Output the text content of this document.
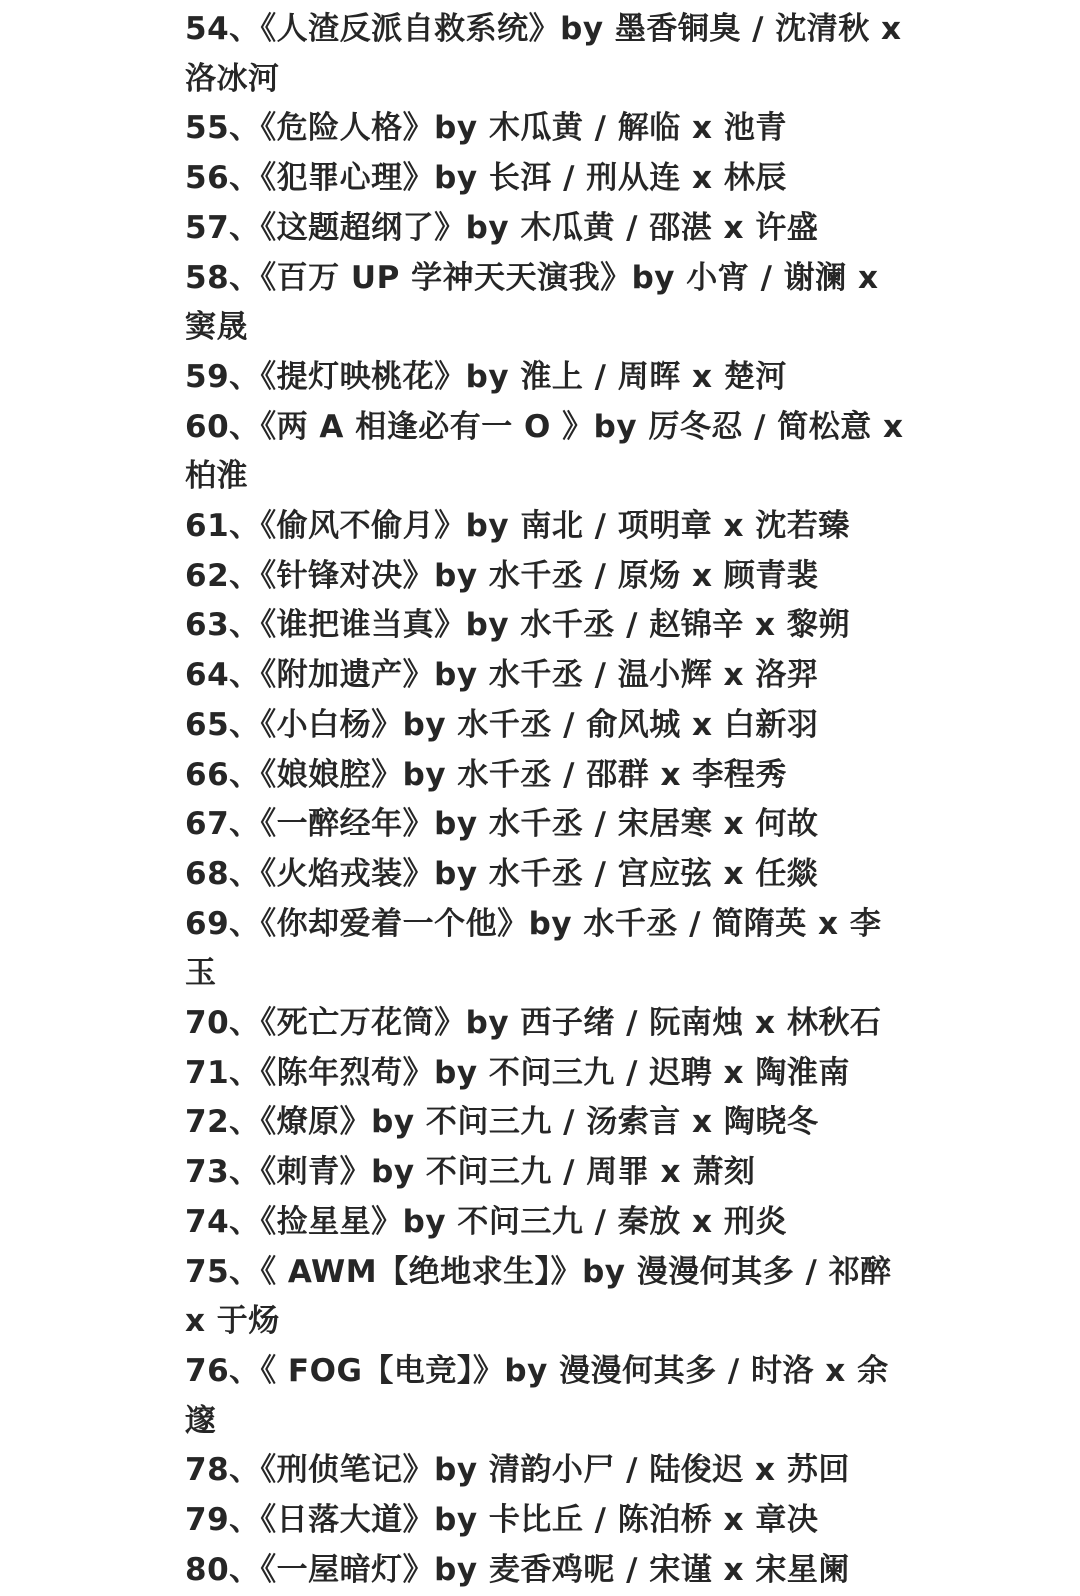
54、《人渣反派自救系统》by 墨香铜臭 / 沈清秋 x 洛冰河
55、《危险人格》by 木瓜黄 / 解临 x 池青
56、《犯罪心理》by 长洱 / 刑从连 x 林辰
57、《这题超纲了》by 木瓜黄 / 邵湛 x 许盛
58、《百万 UP 学神天天演我》by 小宵 / 谢澜 x 窦晟
59、《提灯映桃花》by 淮上 / 周晖 x 楚河
60、《两 A 相逢必有一 O 》by 厉冬忍 / 简松意 x 柏淮
61、《偷风不偷月》by 南北 / 项明章 x 沈若臻
62、《针锋对决》by 水千丞 / 原炀 x 顾青裴
63、《谁把谁当真》by 水千丞 / 赵锦辛 x 黎朔
64、《附加遗产》by 水千丞 / 温小辉 x 洛羿
65、《小白杨》by 水千丞 / 俞风城 x 白新羽
66、《娘娘腔》by 水千丞 / 邵群 x 李程秀
67、《一醉经年》by 水千丞 / 宋居寒 x 何故
68、《火焰戎装》by 水千丞 / 宫应弦 x 任燚
69、《你却爱着一个他》by 水千丞 / 简隋英 x 李玉
70、《死亡万花筒》by 西子绪 / 阮南烛 x 林秋石
71、《陈年烈苟》by 不问三九 / 迟聘 x 陶淮南
72、《燎原》by 不问三九 / 汤索言 x 陶晓冬
73、《刺青》by 不问三九 / 周罪 x 萧刻
74、《捡星星》by 不问三九 / 秦放 x 刑炎
75、《 AWM【绝地求生】》by 漫漫何其多 / 祁醉 x 于炀
76、《 FOG【电竞】》by 漫漫何其多 / 时洛 x 余邃
78、《刑侦笔记》by 清韵小尸 / 陆俊迟 x 苏回
79、《日落大道》by 卡比丘 / 陈泊桥 x 章决
80、《一屋暗灯》by 麦香鸡呢 / 宋谨 x 宋星阑
